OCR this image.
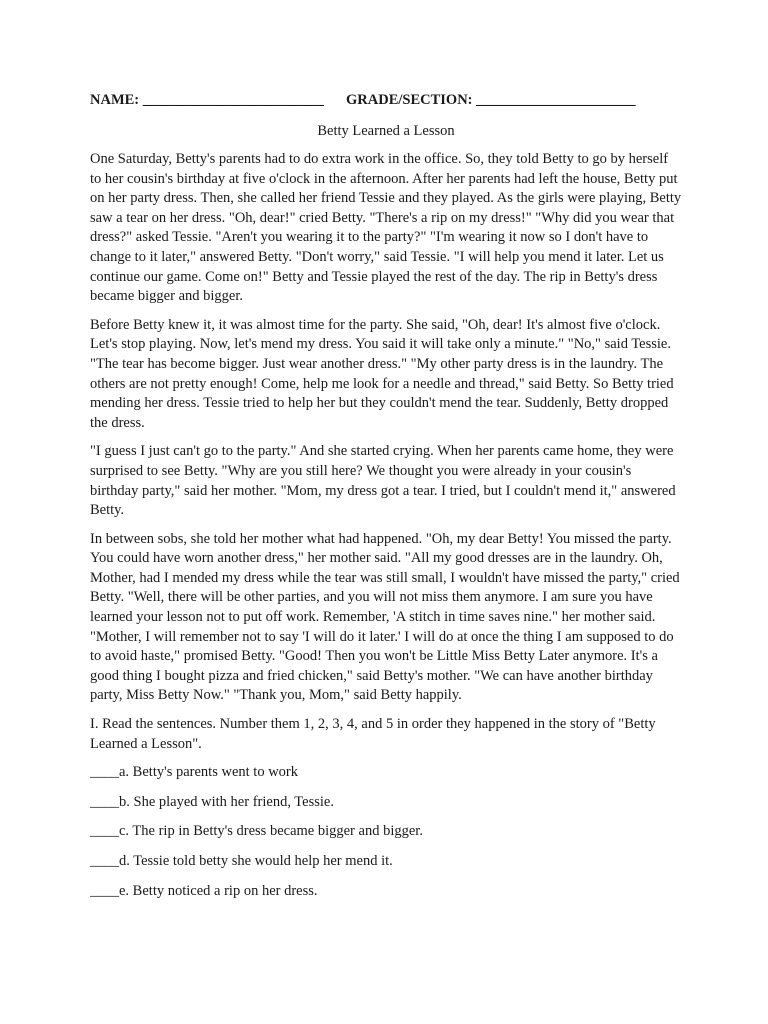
NAME: _________________________ GRADE/SECTION: ______________________
Betty Learned a Lesson

One Saturday, Betty's parents had to do extra work in the office. So, they told Betty to go by herself to her cousin's birthday at five o'clock in the afternoon. After her parents had left the house, Betty put on her party dress. Then, she called her friend Tessie and they played. As the girls were playing, Betty saw a tear on her dress. "Oh, dear!" cried Betty. "There's a rip on my dress!" "Why did you wear that dress?" asked Tessie. "Aren't you wearing it to the party?" "I'm wearing it now so I don't have to change to it later," answered Betty. "Don't worry," said Tessie. "I will help you mend it later. Let us continue our game. Come on!" Betty and Tessie played the rest of the day. The rip in Betty's dress became bigger and bigger.

Before Betty knew it, it was almost time for the party. She said, "Oh, dear! It's almost five o'clock. Let's stop playing. Now, let's mend my dress. You said it will take only a minute." "No," said Tessie. "The tear has become bigger. Just wear another dress." "My other party dress is in the laundry. The others are not pretty enough! Come, help me look for a needle and thread," said Betty. So Betty tried mending her dress. Tessie tried to help her but they couldn't mend the tear. Suddenly, Betty dropped the dress.

"I guess I just can't go to the party." And she started crying. When her parents came home, they were surprised to see Betty. "Why are you still here? We thought you were already in your cousin's birthday party," said her mother. "Mom, my dress got a tear. I tried, but I couldn't mend it," answered Betty.

In between sobs, she told her mother what had happened. "Oh, my dear Betty! You missed the party. You could have worn another dress," her mother said. "All my good dresses are in the laundry. Oh, Mother, had I mended my dress while the tear was still small, I wouldn't have missed the party," cried Betty. "Well, there will be other parties, and you will not miss them anymore. I am sure you have learned your lesson not to put off work. Remember, 'A stitch in time saves nine." her mother said. "Mother, I will remember not to say 'I will do it later.' I will do at once the thing I am supposed to do to avoid haste," promised Betty. "Good! Then you won't be Little Miss Betty Later anymore. It's a good thing I bought pizza and fried chicken," said Betty's mother. "We can have another birthday party, Miss Betty Now." "Thank you, Mom," said Betty happily.

I. Read the sentences. Number them 1, 2, 3, 4, and 5 in order they happened in the story of "Betty Learned a Lesson".

____a. Betty's parents went to work

____b. She played with her friend, Tessie.

____c. The rip in Betty's dress became bigger and bigger.

____d. Tessie told betty she would help her mend it.

____e. Betty noticed a rip on her dress.
